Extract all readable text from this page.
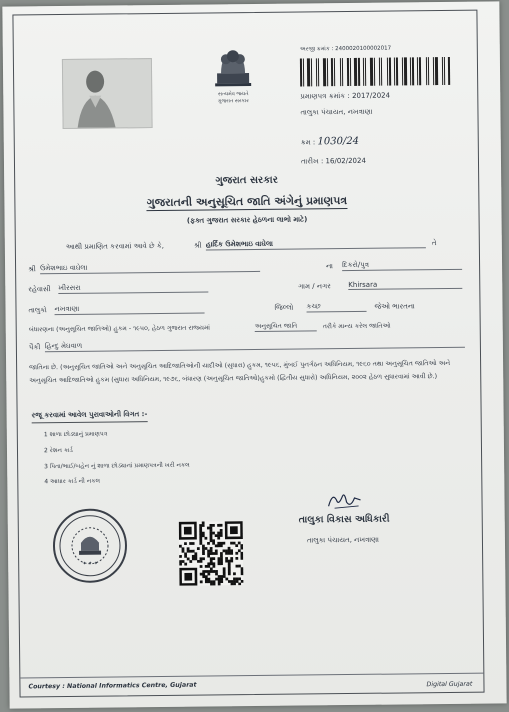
સત્યમેવ જયતે
ગુજરાત સરકાર
અરજી ક્રમાંક : 2400020100002017
પ્રમાણપત્ર ક્રમાંક : 2017/2024
તાલુકા પંચાયત, નખત્રાણા
ક્રમ : 1030/24
તારીખ : 16/02/2024
ગુજરાત સરકાર
ગુજરાતની અનુસૂચિત જાતિ અંગેનું પ્રમાણપત્ર
(ફક્ત ગુજરાત સરકાર હેઠળના લાભો માટે)
આથી પ્રમાણિત કરવામાં આવે છે કે,	શ્રી હાર્દિક ઉમેશભાઇ વાઘેલા	તે
શ્રી ઉમેશભાઇ વાઘેલા	ના દિકરો/પુત્ર
રહેવાસી ખીરસરા	ગામ / નગર Khirsara
તાલુકો નખત્રાણા	જિલ્લો કચ્છ	જેઓ ભારતના
બંધારણના (અનુસૂચિત જાતિઓ) હુકમ - ૧૯૫૦, હેઠળ ગુજરાત રાજ્યમાં	અનુસૂચિત જાતિ	તરીકે માન્ય કરેલ જાતિઓ
પૈકી હિન્દુ મેઘવાળ
જાતિના છે. (અનુસૂચિત જાતિઓ અને અનુસૂચિત આદિજાતિઓની યાદીઓ (સુધારા) હુકમ, ૧૯૫૬, મુંબઈ પુનર્ગઠન અધિનિયમ, ૧૯૬૦ તથા અનુસૂચિત જાતિઓ અને અનુસૂચિત આદિજાતિઓ હુકમ (સુધારા અધિનિયમ, ૧૯૭૬, બંધારણ (અનુસૂચિત જાતિઓ)હુકમો (દ્વિતીય સુધારો) અધિનિયમ, ૨૦૦૨ હેઠળ સુધારવામાં આવી છે.)
રજૂ કરવામાં આવેલ પુરાવાઓની વિગત :-
1 શાળા છોડ્યાનું પ્રમાણપત્ર
2 રેશન કાર્ડ
3 પિતા/ભાઈ/બહેન નું શાળા છોડ્યાનાં પ્રમાણપત્રની ખરી નકલ
4 આધાર કાર્ડ ની નકલ
✦ ✦ ✦
તાલુકા વિકાસ અધિકારી
તાલુકા પંચાયત, નખત્રાણા
Courtesy : National Informatics Centre, Gujarat	Digital Gujarat
